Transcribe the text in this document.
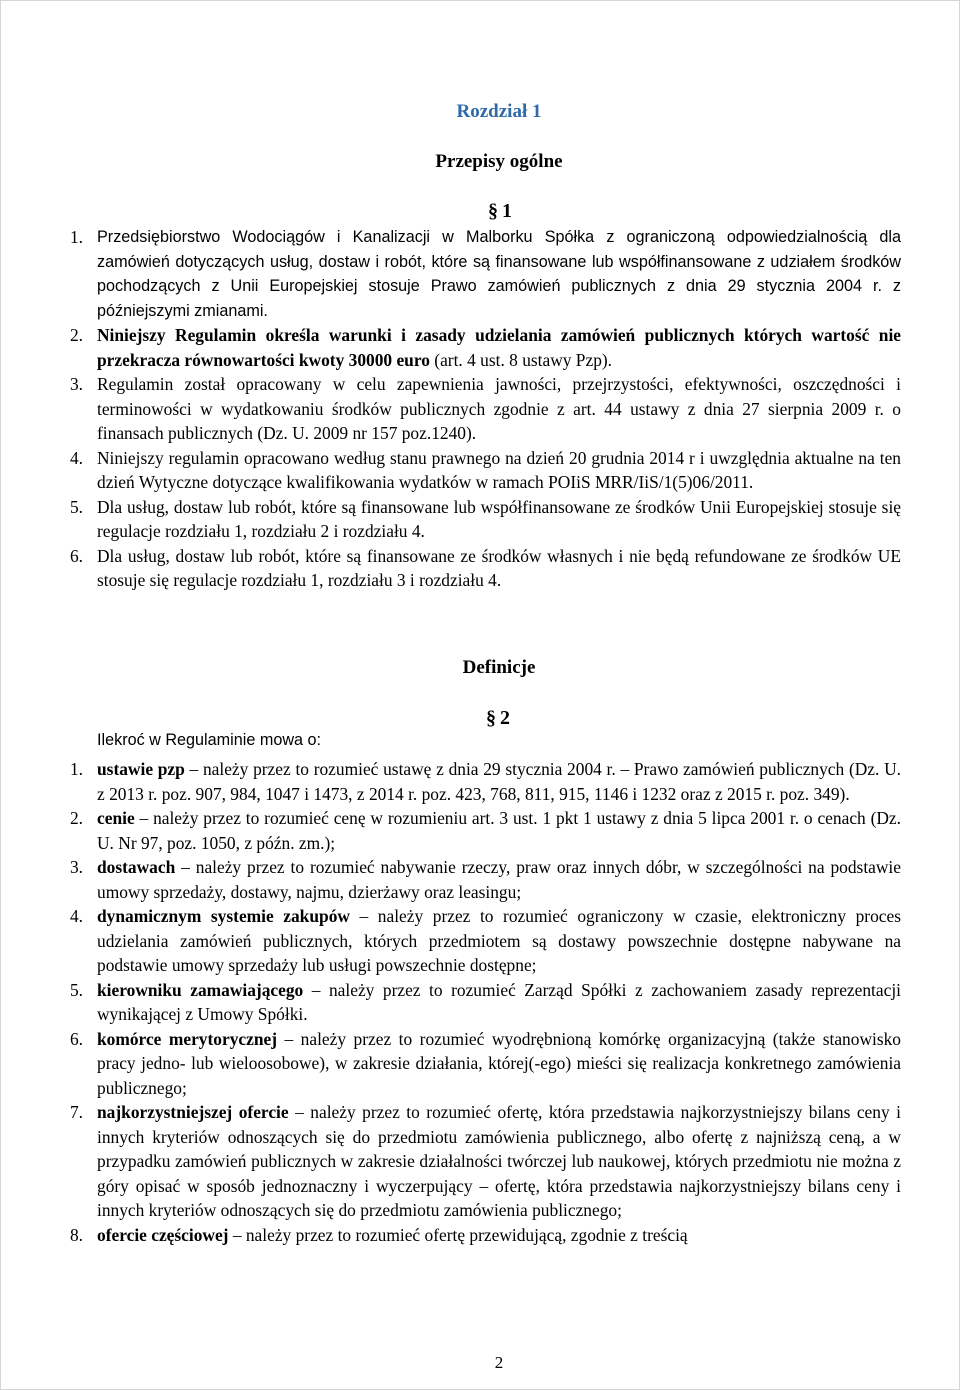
Rozdział 1
Przepisy ogólne
§ 1
1. Przedsiębiorstwo Wodociągów i Kanalizacji w Malborku Spółka z ograniczoną odpowiedzialnością dla zamówień dotyczących usług, dostaw i robót, które są finansowane lub współfinansowane z udziałem środków pochodzących z Unii Europejskiej stosuje Prawo zamówień publicznych z dnia 29 stycznia 2004 r. z późniejszymi zmianami.
2. Niniejszy Regulamin określa warunki i zasady udzielania zamówień publicznych których wartość nie przekracza równowartości kwoty 30000 euro (art. 4 ust. 8 ustawy Pzp).
3. Regulamin został opracowany w celu zapewnienia jawności, przejrzystości, efektywności, oszczędności i terminowości w wydatkowaniu środków publicznych zgodnie z art. 44 ustawy z dnia 27 sierpnia 2009 r. o finansach publicznych (Dz. U. 2009 nr 157 poz.1240).
4. Niniejszy regulamin opracowano według stanu prawnego na dzień 20 grudnia 2014 r i uwzględnia aktualne na ten dzień Wytyczne dotyczące kwalifikowania wydatków w ramach POIiS MRR/IiS/1(5)06/2011.
5. Dla usług, dostaw lub robót, które są finansowane lub współfinansowane ze środków Unii Europejskiej stosuje się regulacje rozdziału 1, rozdziału 2 i rozdziału 4.
6. Dla usług, dostaw lub robót, które są finansowane ze środków własnych i nie będą refundowane ze środków UE stosuje się regulacje rozdziału 1, rozdziału 3 i rozdziału 4.
Definicje
§ 2
Ilekroć w Regulaminie mowa o:
1. ustawie pzp – należy przez to rozumieć ustawę z dnia 29 stycznia 2004 r. – Prawo zamówień publicznych (Dz. U. z 2013 r. poz. 907, 984, 1047 i 1473, z 2014 r. poz. 423, 768, 811, 915, 1146 i 1232 oraz z 2015 r. poz. 349).
2. cenie – należy przez to rozumieć cenę w rozumieniu art. 3 ust. 1 pkt 1 ustawy z dnia 5 lipca 2001 r. o cenach (Dz. U. Nr 97, poz. 1050, z późn. zm.);
3. dostawach – należy przez to rozumieć nabywanie rzeczy, praw oraz innych dóbr, w szczególności na podstawie umowy sprzedaży, dostawy, najmu, dzierżawy oraz leasingu;
4. dynamicznym systemie zakupów – należy przez to rozumieć ograniczony w czasie, elektroniczny proces udzielania zamówień publicznych, których przedmiotem są dostawy powszechnie dostępne nabywane na podstawie umowy sprzedaży lub usługi powszechnie dostępne;
5. kierowniku zamawiającego – należy przez to rozumieć Zarząd Spółki z zachowaniem zasady reprezentacji wynikającej z Umowy Spółki.
6. komórce merytorycznej – należy przez to rozumieć wyodrębnioną komórkę organizacyjną (także stanowisko pracy jedno- lub wieloosobowe), w zakresie działania, której(-ego) mieści się realizacja konkretnego zamówienia publicznego;
7. najkorzystniejszej ofercie – należy przez to rozumieć ofertę, która przedstawia najkorzystniejszy bilans ceny i innych kryteriów odnoszących się do przedmiotu zamówienia publicznego, albo ofertę z najniższą ceną, a w przypadku zamówień publicznych w zakresie działalności twórczej lub naukowej, których przedmiotu nie można z góry opisać w sposób jednoznaczny i wyczerpujący – ofertę, która przedstawia najkorzystniejszy bilans ceny i innych kryteriów odnoszących się do przedmiotu zamówienia publicznego;
8. ofercie częściowej – należy przez to rozumieć ofertę przewidującą, zgodnie z treścią
2
